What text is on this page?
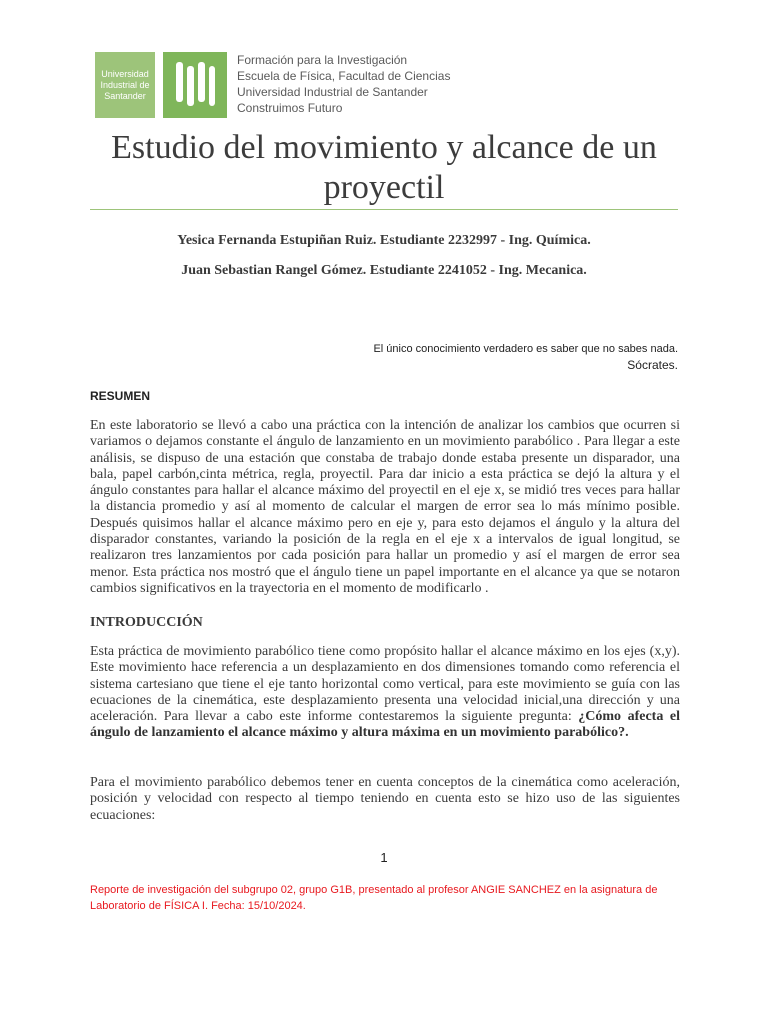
Universidad
Industrial de
Santander
Formación para la Investigación
Escuela de Física, Facultad de Ciencias
Universidad Industrial de Santander
Construimos Futuro
Estudio del movimiento y alcance de un
proyectil
Yesica Fernanda Estupiñan Ruiz. Estudiante 2232997 - Ing. Química.
Juan Sebastian Rangel Gómez. Estudiante 2241052 - Ing. Mecanica.
El único conocimiento verdadero es saber que no sabes nada.
Sócrates.
RESUMEN
En este laboratorio se llevó a cabo una práctica con la intención de analizar los cambios que ocurren si variamos o dejamos constante el ángulo de lanzamiento en un movimiento parabólico . Para llegar a este análisis, se dispuso de una estación que constaba de trabajo donde estaba presente un disparador, una bala, papel carbón,cinta métrica, regla, proyectil. Para dar inicio a esta práctica se dejó la altura y el ángulo constantes para hallar el alcance máximo del proyectil en el eje x, se midió tres veces para hallar la distancia promedio y así al momento de calcular el margen de error sea lo más mínimo posible. Después quisimos hallar el alcance máximo pero en eje y, para esto dejamos el ángulo y la altura del disparador constantes, variando la posición de la regla en el eje x a intervalos de igual longitud, se realizaron tres lanzamientos por cada posición para hallar un promedio y así el margen de error sea menor. Esta práctica nos mostró que el ángulo tiene un papel importante en el alcance ya que se notaron cambios significativos en la trayectoria en el momento de modificarlo .
INTRODUCCIÓN
Esta práctica de movimiento parabólico tiene como propósito hallar el alcance máximo en los ejes (x,y). Este movimiento hace referencia a un desplazamiento en dos dimensiones tomando como referencia el sistema cartesiano que tiene el eje tanto horizontal como vertical, para este movimiento se guía con las ecuaciones de la cinemática, este desplazamiento presenta una velocidad inicial,una dirección y una aceleración. Para llevar a cabo este informe contestaremos la siguiente pregunta: ¿Cómo afecta el ángulo de lanzamiento el alcance máximo y altura máxima en un movimiento parabólico?.
Para el movimiento parabólico debemos tener en cuenta conceptos de la cinemática como aceleración, posición y velocidad con respecto al tiempo teniendo en cuenta esto se hizo uso de las siguientes ecuaciones:
1
Reporte de investigación del subgrupo 02, grupo G1B, presentado al profesor ANGIE SANCHEZ en la asignatura de Laboratorio de FÍSICA I. Fecha: 15/10/2024.
